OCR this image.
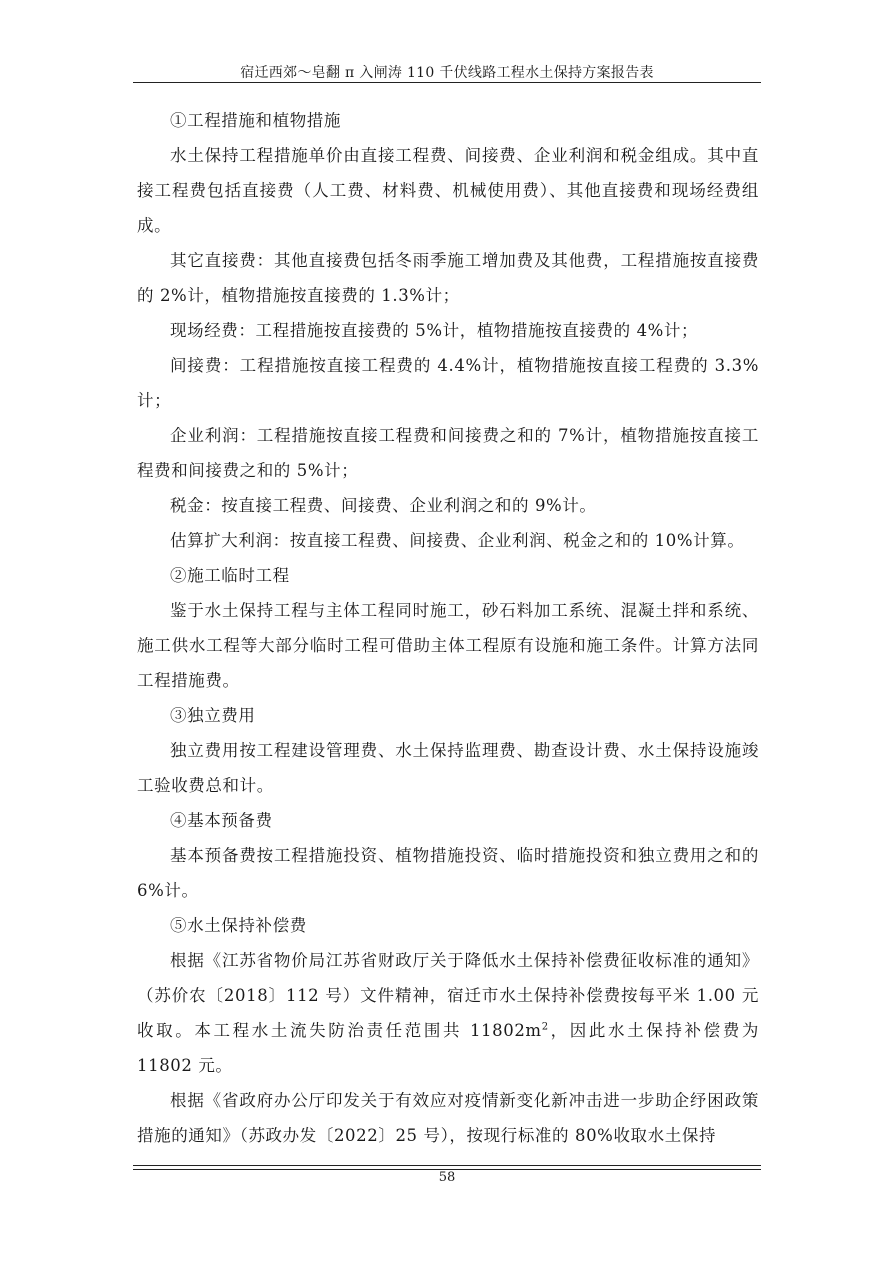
宿迁西郊～皂翻 π 入闸涛 110 千伏线路工程水土保持方案报告表

①工程措施和植物措施

水土保持工程措施单价由直接工程费、间接费、企业利润和税金组成。其中直接工程费包括直接费（人工费、材料费、机械使用费）、其他直接费和现场经费组成。

其它直接费：其他直接费包括冬雨季施工增加费及其他费，工程措施按直接费的 2%计，植物措施按直接费的 1.3%计；

现场经费：工程措施按直接费的 5%计，植物措施按直接费的 4%计；

间接费：工程措施按直接工程费的 4.4%计，植物措施按直接工程费的 3.3%计；

企业利润：工程措施按直接工程费和间接费之和的 7%计，植物措施按直接工程费和间接费之和的 5%计；

税金：按直接工程费、间接费、企业利润之和的 9%计。

估算扩大利润：按直接工程费、间接费、企业利润、税金之和的 10%计算。

②施工临时工程

鉴于水土保持工程与主体工程同时施工，砂石料加工系统、混凝土拌和系统、施工供水工程等大部分临时工程可借助主体工程原有设施和施工条件。计算方法同工程措施费。

③独立费用

独立费用按工程建设管理费、水土保持监理费、勘查设计费、水土保持设施竣工验收费总和计。

④基本预备费

基本预备费按工程措施投资、植物措施投资、临时措施投资和独立费用之和的 6%计。

⑤水土保持补偿费

根据《江苏省物价局江苏省财政厅关于降低水土保持补偿费征收标准的通知》（苏价农〔2018〕112 号）文件精神，宿迁市水土保持补偿费按每平米 1.00 元收取。本工程水土流失防治责任范围共 $11802m^2$，因此水土保持补偿费为 11802 元。

根据《省政府办公厅印发关于有效应对疫情新变化新冲击进一步助企纾困政策措施的通知》（苏政办发〔2022〕25 号），按现行标准的 80%收取水土保持

58
